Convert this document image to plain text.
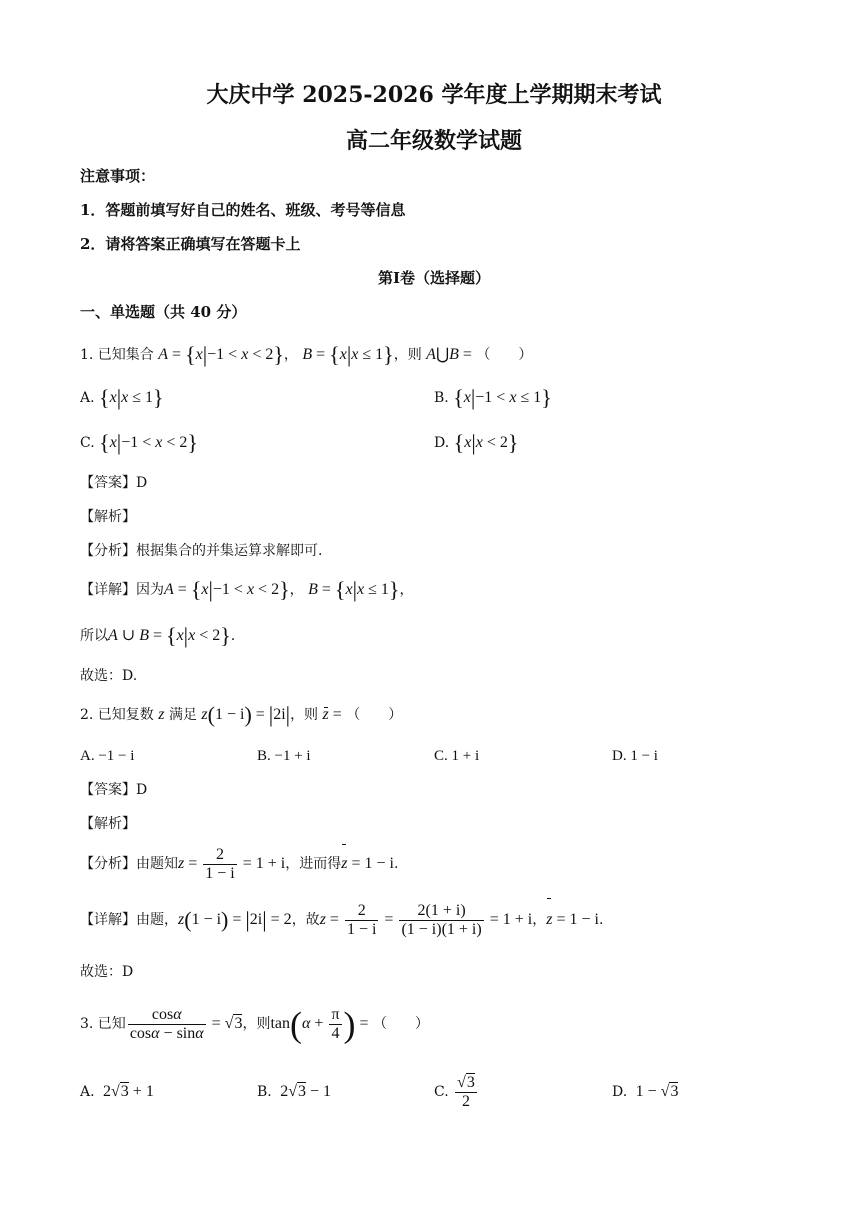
大庆中学 2025-2026 学年度上学期期末考试
高二年级数学试题
注意事项：
1．答题前填写好自己的姓名、班级、考号等信息
2．请将答案正确填写在答题卡上
第Ⅰ卷（选择题）
一、单选题（共 40 分）
1. 已知集合 A = {x|−1 < x < 2}， B = {x|x ≤ 1}，则 A⋃B = （　　）
A. {x|x ≤ 1}	B. {x|−1 < x ≤ 1}
C. {x|−1 < x < 2}	D. {x|x < 2}
【答案】D
【解析】
【分析】根据集合的并集运算求解即可.
【详解】因为A = {x|−1 < x < 2}， B = {x|x ≤ 1}，
所以A ∪ B = {x|x < 2}.
故选：D.
2. 已知复数 z 满足 z(1 − i) = |2i|，则 z = （　　）
A. −1 − i	B. −1 + i	C. 1 + i	D. 1 − i
【答案】D
【解析】
【分析】由题知$z = \frac{2}{1 - i} = 1 + i$，进而得z = 1 − i.
【详解】由题，z(1 − i) = |2i| = 2，故$z = \frac{2}{1 - i} = \frac{2(1 + i)}{(1 - i)(1 + i)} = 1 + i$，z = 1 − i.
故选：D
3. 已知 $\frac{\cos\alpha}{\cos\alpha - \sin\alpha} = √3$，则$\tan(\alpha + \frac{\pi}{4}$ ) = （　　）
A.  2√3 + 1	B.  2√3 − 1	C. $\frac{√3}{2}$	D.  1 − √3
